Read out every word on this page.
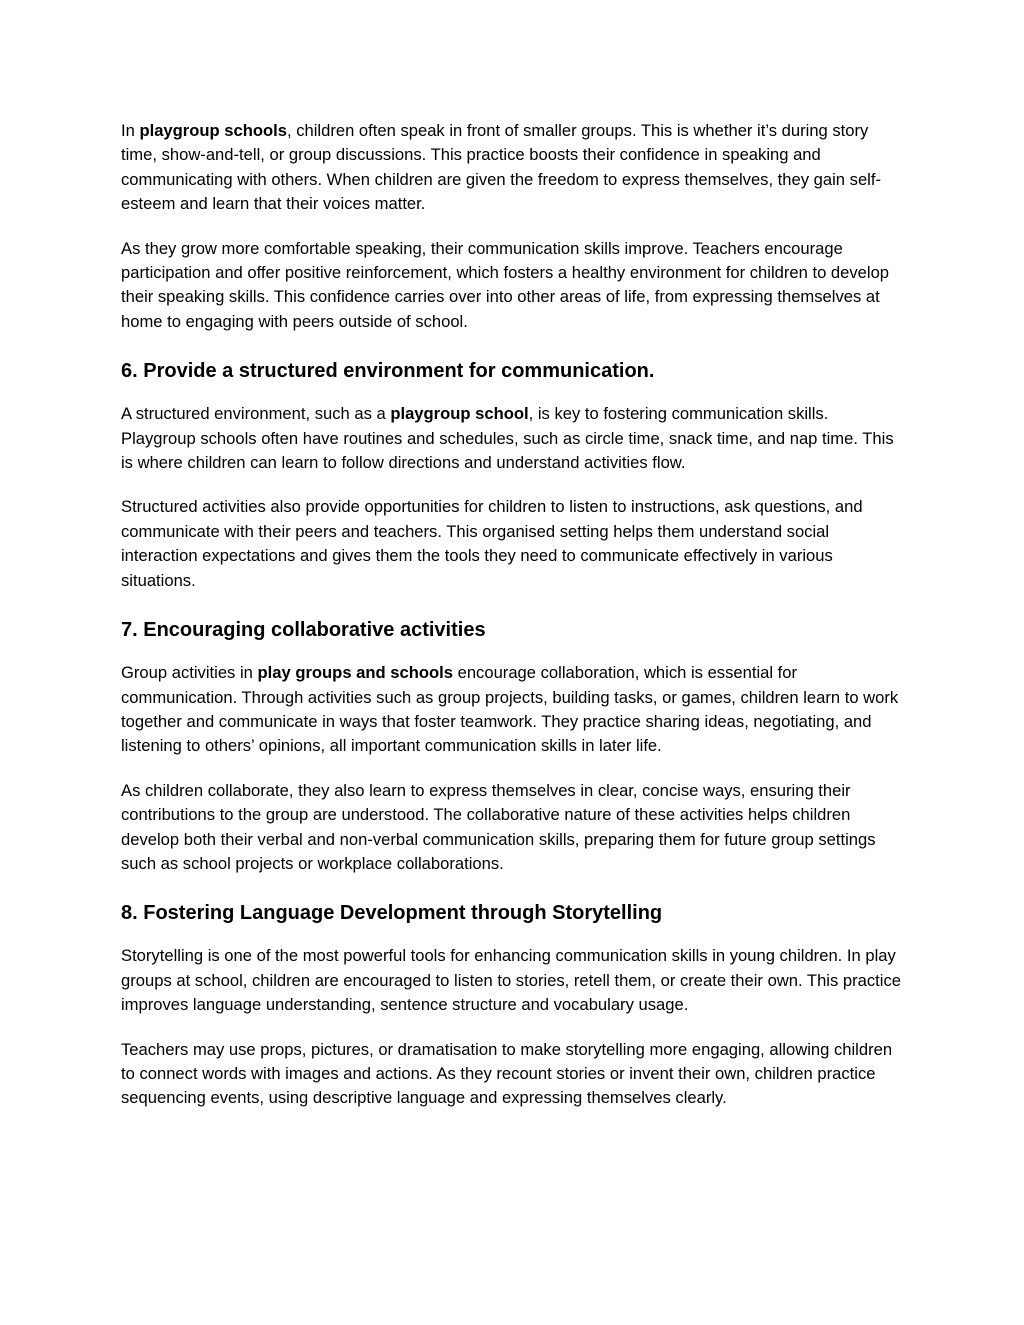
In playgroup schools, children often speak in front of smaller groups. This is whether it’s during story time, show-and-tell, or group discussions. This practice boosts their confidence in speaking and communicating with others. When children are given the freedom to express themselves, they gain self-esteem and learn that their voices matter.

As they grow more comfortable speaking, their communication skills improve. Teachers encourage participation and offer positive reinforcement, which fosters a healthy environment for children to develop their speaking skills. This confidence carries over into other areas of life, from expressing themselves at home to engaging with peers outside of school.

6. Provide a structured environment for communication.

A structured environment, such as a playgroup school, is key to fostering communication skills. Playgroup schools often have routines and schedules, such as circle time, snack time, and nap time. This is where children can learn to follow directions and understand activities flow.

Structured activities also provide opportunities for children to listen to instructions, ask questions, and communicate with their peers and teachers. This organised setting helps them understand social interaction expectations and gives them the tools they need to communicate effectively in various situations.

7. Encouraging collaborative activities

Group activities in play groups and schools encourage collaboration, which is essential for communication. Through activities such as group projects, building tasks, or games, children learn to work together and communicate in ways that foster teamwork. They practice sharing ideas, negotiating, and listening to others’ opinions, all important communication skills in later life.

As children collaborate, they also learn to express themselves in clear, concise ways, ensuring their contributions to the group are understood. The collaborative nature of these activities helps children develop both their verbal and non-verbal communication skills, preparing them for future group settings such as school projects or workplace collaborations.

8. Fostering Language Development through Storytelling

Storytelling is one of the most powerful tools for enhancing communication skills in young children. In play groups at school, children are encouraged to listen to stories, retell them, or create their own. This practice improves language understanding, sentence structure and vocabulary usage.

Teachers may use props, pictures, or dramatisation to make storytelling more engaging, allowing children to connect words with images and actions. As they recount stories or invent their own, children practice sequencing events, using descriptive language and expressing themselves clearly.
